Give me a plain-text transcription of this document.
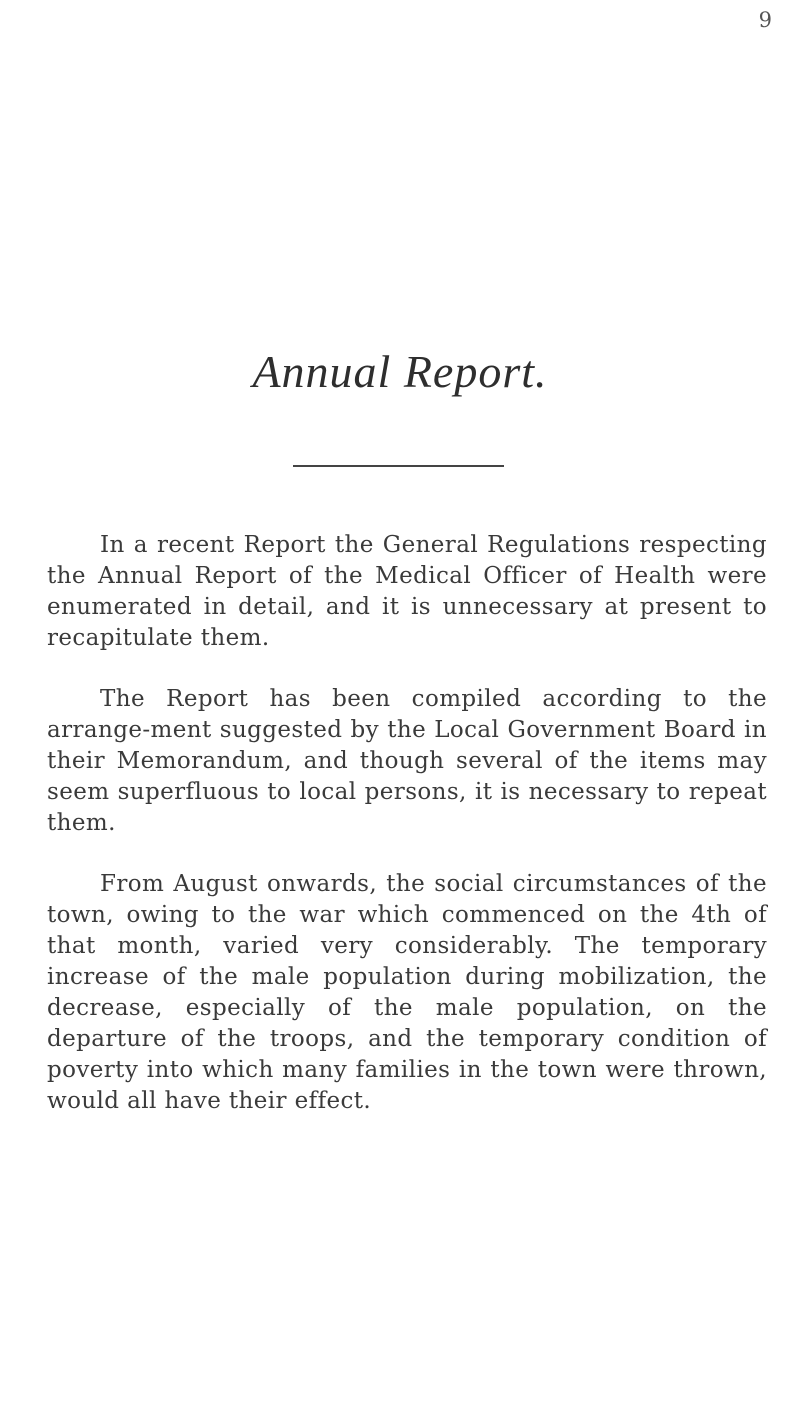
9
Annual Report.

In a recent Report the General Regulations respecting the Annual Report of the Medical Officer of Health were enumerated in detail, and it is unnecessary at present to recapitulate them.

The Report has been compiled according to the arrange-ment suggested by the Local Government Board in their Memorandum, and though several of the items may seem superfluous to local persons, it is necessary to repeat them.

From August onwards, the social circumstances of the town, owing to the war which commenced on the 4th of that month, varied very considerably. The temporary increase of the male population during mobilization, the decrease, especially of the male population, on the departure of the troops, and the temporary condition of poverty into which many families in the town were thrown, would all have their effect.
